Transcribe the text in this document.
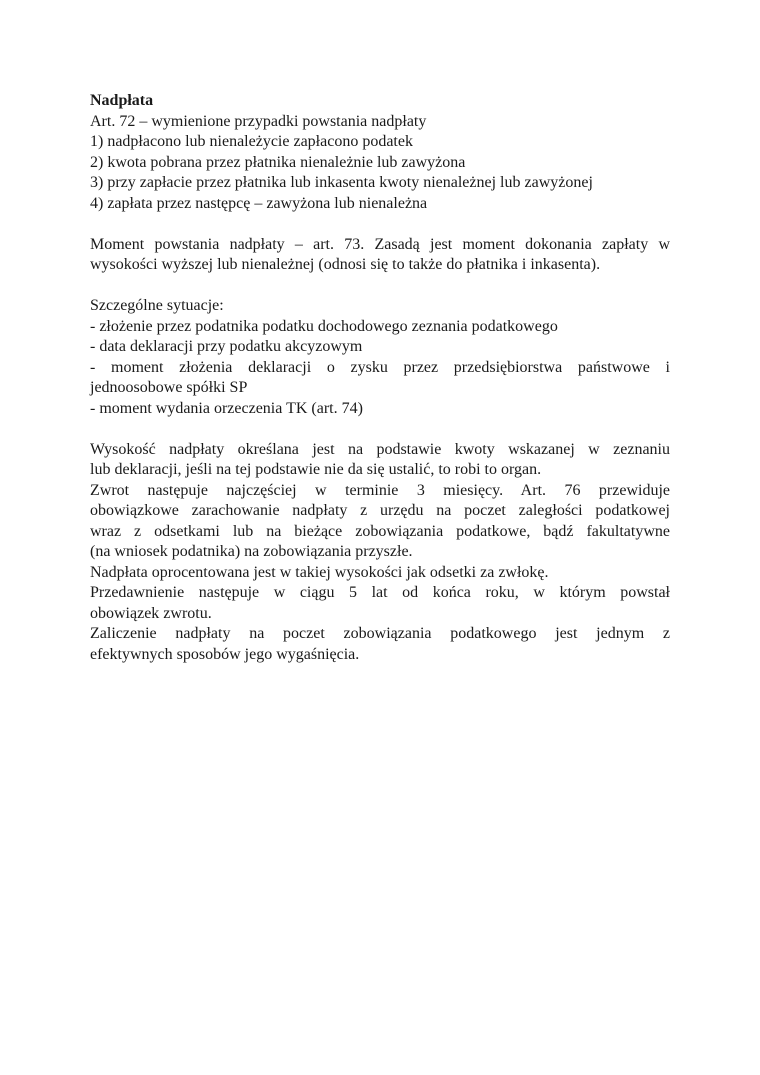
Nadpłata
Art. 72 – wymienione przypadki powstania nadpłaty
1) nadpłacono lub nienależycie zapłacono podatek
2) kwota pobrana przez płatnika nienależnie lub zawyżona
3) przy zapłacie przez płatnika lub inkasenta kwoty nienależnej lub zawyżonej
4) zapłata przez następcę – zawyżona lub nienależna
Moment powstania nadpłaty – art. 73. Zasadą jest moment dokonania zapłaty w
wysokości wyższej lub nienależnej (odnosi się to także do płatnika i inkasenta).
Szczególne sytuacje:
- złożenie przez podatnika podatku dochodowego zeznania podatkowego
- data deklaracji przy podatku akcyzowym
- moment złożenia deklaracji o zysku przez przedsiębiorstwa państwowe i
jednoosobowe spółki SP
- moment wydania orzeczenia TK (art. 74)
Wysokość nadpłaty określana jest na podstawie kwoty wskazanej w zeznaniu
lub deklaracji, jeśli na tej podstawie nie da się ustalić, to robi to organ.
Zwrot następuje najczęściej w terminie 3 miesięcy. Art. 76 przewiduje
obowiązkowe zarachowanie nadpłaty z urzędu na poczet zaległości podatkowej
wraz z odsetkami lub na bieżące zobowiązania podatkowe, bądź fakultatywne
(na wniosek podatnika) na zobowiązania przyszłe.
Nadpłata oprocentowana jest w takiej wysokości jak odsetki za zwłokę.
Przedawnienie następuje w ciągu 5 lat od końca roku, w którym powstał
obowiązek zwrotu.
Zaliczenie nadpłaty na poczet zobowiązania podatkowego jest jednym z
efektywnych sposobów jego wygaśnięcia.
